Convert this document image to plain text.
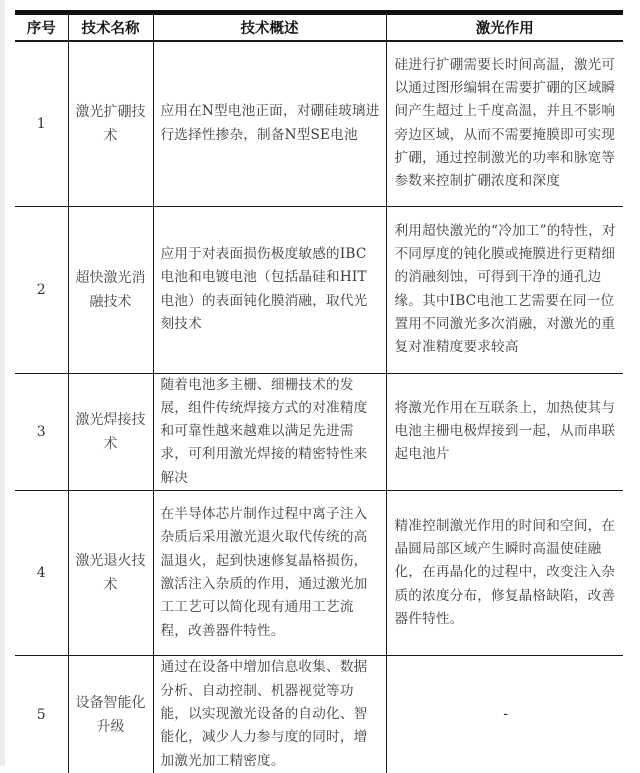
序号	技术名称	技术概述	激光作用
1	激光扩硼技术	应用在N型电池正面，对硼硅玻璃进行选择性掺杂，制备N型SE电池	硅进行扩硼需要长时间高温，激光可以通过图形编辑在需要扩硼的区域瞬间产生超过上千度高温，并且不影响旁边区域，从而不需要掩膜即可实现扩硼，通过控制激光的功率和脉宽等参数来控制扩硼浓度和深度
2	超快激光消融技术	应用于对表面损伤极度敏感的IBC电池和电镀电池（包括晶硅和HIT电池）的表面钝化膜消融，取代光刻技术	利用超快激光的“冷加工”的特性，对不同厚度的钝化膜或掩膜进行更精细的消融刻蚀，可得到干净的通孔边缘。其中IBC电池工艺需要在同一位置用不同激光多次消融，对激光的重复对准精度要求较高
3	激光焊接技术	随着电池多主栅、细栅技术的发展，组件传统焊接方式的对准精度和可靠性越来越难以满足先进需求，可利用激光焊接的精密特性来解决	将激光作用在互联条上，加热使其与电池主栅电极焊接到一起，从而串联起电池片
4	激光退火技术	在半导体芯片制作过程中离子注入杂质后采用激光退火取代传统的高温退火，起到快速修复晶格损伤，激活注入杂质的作用，通过激光加工工艺可以简化现有通用工艺流程，改善器件特性。	精准控制激光作用的时间和空间，在晶圆局部区域产生瞬时高温使硅融化，在再晶化的过程中，改变注入杂质的浓度分布，修复晶格缺陷，改善器件特性。
5	设备智能化升级	通过在设备中增加信息收集、数据分析、自动控制、机器视觉等功能，以实现激光设备的自动化、智能化，减少人力参与度的同时，增加激光加工精密度。	-
